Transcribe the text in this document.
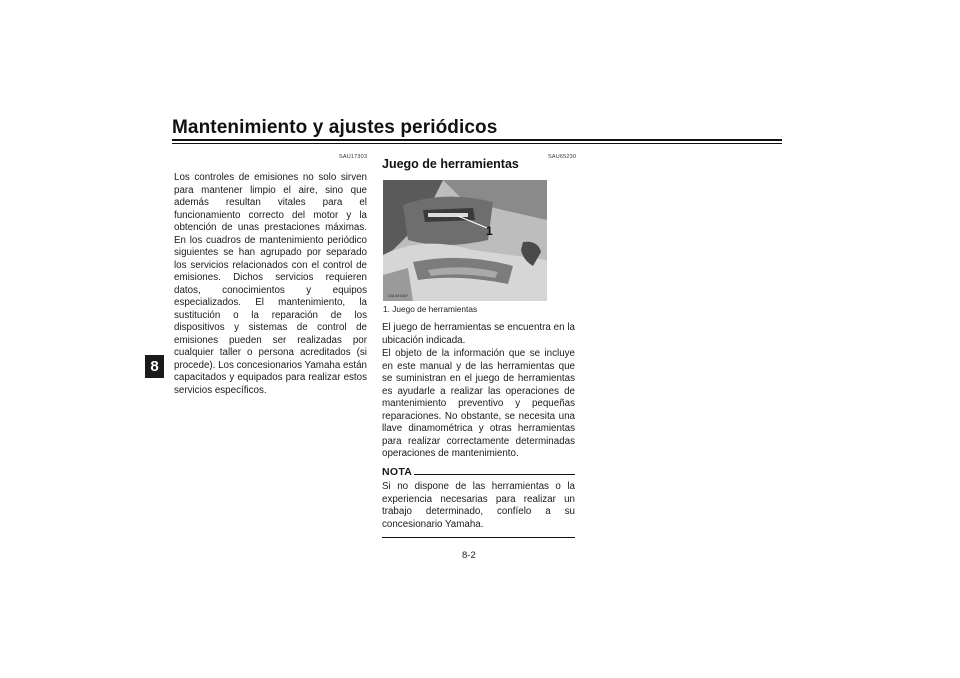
Mantenimiento y ajustes periódicos
8
SAU17303

Los controles de emisiones no solo sirven para mantener limpio el aire, sino que además resultan vitales para el funcionamiento correcto del motor y la obtención de unas prestaciones máximas. En los cuadros de mantenimiento periódico siguientes se han agrupado por separado los servicios relacionados con el control de emisiones. Dichos servicios requieren datos, conocimientos y equipos especializados. El mantenimiento, la sustitución o la reparación de los dispositivos y sistemas de control de emisiones pueden ser realizadas por cualquier taller o persona acreditados (si procede). Los concesionarios Yamaha están capacitados y equipados para realizar estos servicios específicos.

SAU65230
Juego de herramientas
ZAUM1687
1
1. Juego de herramientas

El juego de herramientas se encuentra en la ubicación indicada.

El objeto de la información que se incluye en este manual y de las herramientas que se suministran en el juego de herramientas es ayudarle a realizar las operaciones de mantenimiento preventivo y pequeñas reparaciones. No obstante, se necesita una llave dinamométrica y otras herramientas para realizar correctamente determinadas operaciones de mantenimiento.

NOTA

Si no dispone de las herramientas o la experiencia necesarias para realizar un trabajo determinado, confíelo a su concesionario Yamaha.

8-2
